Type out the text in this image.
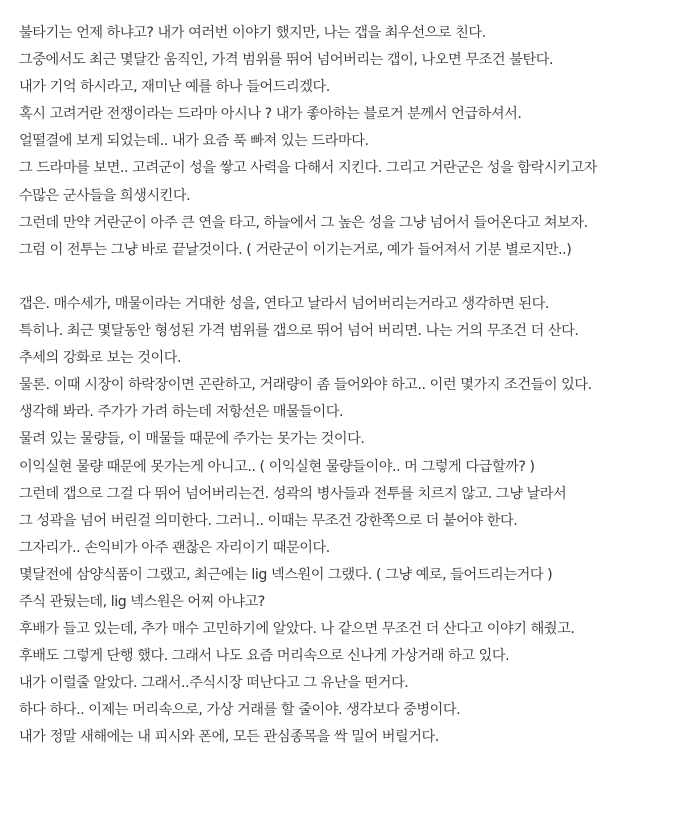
불타기는 언제 하냐고? 내가 여러번 이야기 했지만, 나는 갭을 최우선으로 친다.
그중에서도 최근 몇달간 움직인, 가격 범위를 뛰어 넘어버리는 갭이, 나오면 무조건 불탄다.
내가 기억 하시라고, 재미난 예를 하나 들어드리겠다.
혹시 고려거란 전쟁이라는 드라마 아시나 ? 내가 좋아하는 블로거 분께서 언급하셔서.
얼떨결에 보게 되었는데.. 내가 요즘 푹 빠져 있는 드라마다.
그 드라마를 보면.. 고려군이 성을 쌓고 사력을 다해서 지킨다. 그리고 거란군은 성을 함락시키고자
수많은 군사들을 희생시킨다.
그런데 만약 거란군이 아주 큰 연을 타고, 하늘에서 그 높은 성을 그냥 넘어서 들어온다고 쳐보자.
그럼 이 전투는 그냥 바로 끝날것이다. ( 거란군이 이기는거로, 예가 들어져서 기분 별로지만..)
갭은. 매수세가, 매물이라는 거대한 성을, 연타고 날라서 넘어버리는거라고 생각하면 된다.
특히나. 최근 몇달동안 형성된 가격 범위를 갭으로 뛰어 넘어 버리면. 나는 거의 무조건 더 산다.
추세의 강화로 보는 것이다.
물론. 이때 시장이 하락장이면 곤란하고, 거래량이 좀 들어와야 하고.. 이런 몇가지 조건들이 있다.
생각해 봐라. 주가가 가려 하는데 저항선은 매물들이다.
물려 있는 물량들, 이 매물들 때문에 주가는 못가는 것이다.
이익실현 물량 때문에 못가는게 아니고.. ( 이익실현 물량들이야.. 머 그렇게 다급할까? )
그런데 갭으로 그걸 다 뛰어 넘어버리는건. 성곽의 병사들과 전투를 치르지 않고. 그냥 날라서
그 성곽을 넘어 버린걸 의미한다. 그러니.. 이때는 무조건 강한쪽으로 더 붙어야 한다.
그자리가.. 손익비가 아주 괜찮은 자리이기 때문이다.
몇달전에 삼양식품이 그랬고, 최근에는 lig 넥스원이 그랬다. ( 그냥 예로, 들어드리는거다 )
주식 관뒀는데, lig 넥스원은 어찌 아냐고?
후배가 들고 있는데, 추가 매수 고민하기에 알았다. 나 같으면 무조건 더 산다고 이야기 해줬고.
후배도 그렇게 단행 했다. 그래서 나도 요즘 머리속으로 신나게 가상거래 하고 있다.
내가 이럴줄 알았다. 그래서..주식시장 떠난다고 그 유난을 떤거다.
하다 하다.. 이제는 머리속으로, 가상 거래를 할 줄이야. 생각보다 중병이다.
내가 정말 새해에는 내 피시와 폰에, 모든 관심종목을 싹 밀어 버릴거다.
